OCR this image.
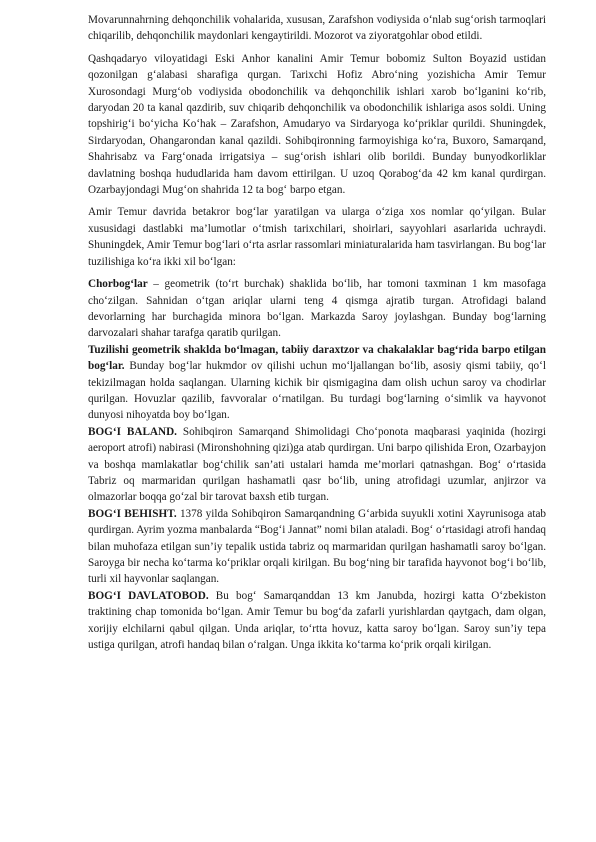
Movarunnahrning dehqonchilik vohalarida, xususan, Zarafshon vodiysida o‘nlab sug‘orish tarmoqlari chiqarilib, dehqonchilik maydonlari kengaytirildi. Mozorot va ziyoratgohlar obod etildi.

Qashqadaryo viloyatidagi Eski Anhor kanalini Amir Temur bobomiz Sulton Boyazid ustidan qozonilgan g‘alabasi sharafiga qurgan. Tarixchi Hofiz Abro‘ning yozishicha Amir Temur Xurosondagi Murg‘ob vodiysida obodonchilik va dehqonchilik ishlari xarob bo‘lganini ko‘rib, daryodan 20 ta kanal qazdirib, suv chiqarib dehqonchilik va obodonchilik ishlariga asos soldi. Uning topshirig‘i bo‘yicha Ko‘hak – Zarafshon, Amudaryo va Sirdaryoga ko‘priklar qurildi. Shuningdek, Sirdaryodan, Ohangarondan kanal qazildi. Sohibqironning farmoyishiga ko‘ra, Buxoro, Samarqand, Shahrisabz va Farg‘onada irrigatsiya – sug‘orish ishlari olib borildi. Bunday bunyodkorliklar davlatning boshqa hududlarida ham davom ettirilgan. U uzoq Qorabog‘da 42 km kanal qurdirgan. Ozarbayjondagi Mug‘on shahrida 12 ta bog‘ barpo etgan.

Amir Temur davrida betakror bog‘lar yaratilgan va ularga o‘ziga xos nomlar qo‘yilgan. Bular xususidagi dastlabki ma’lumotlar o‘tmish tarixchilari, shoirlari, sayyohlari asarlarida uchraydi. Shuningdek, Amir Temur bog‘lari o‘rta asrlar rassomlari miniaturalarida ham tasvirlangan. Bu bog‘lar tuzilishiga ko‘ra ikki xil bo‘lgan:

Chorbog‘lar – geometrik (to‘rt burchak) shaklida bo‘lib, har tomoni taxminan 1 km masofaga cho‘zilgan. Sahnidan o‘tgan ariqlar ularni teng 4 qismga ajratib turgan. Atrofidagi baland devorlarning har burchagida minora bo‘lgan. Markazda Saroy joylashgan. Bunday bog‘larning darvozalari shahar tarafga qaratib qurilgan.

Tuzilishi geometrik shaklda bo‘lmagan, tabiiy daraxtzor va chakalaklar bag‘rida barpo etilgan bog‘lar. Bunday bog‘lar hukmdor ov qilishi uchun mo‘ljallangan bo‘lib, asosiy qismi tabiiy, qo‘l tekizilmagan holda saqlangan. Ularning kichik bir qismigagina dam olish uchun saroy va chodirlar qurilgan. Hovuzlar qazilib, favvoralar o‘rnatilgan. Bu turdagi bog‘larning o‘simlik va hayvonot dunyosi nihoyatda boy bo‘lgan.

BOG‘I BALAND. Sohibqiron Samarqand Shimolidagi Cho‘ponota maqbarasi yaqinida (hozirgi aeroport atrofi) nabirasi (Mironshohning qizi)ga atab qurdirgan. Uni barpo qilishida Eron, Ozarbayjon va boshqa mamlakatlar bog‘chilik san’ati ustalari hamda me’morlari qatnashgan. Bog‘ o‘rtasida Tabriz oq marmaridan qurilgan hashamatli qasr bo‘lib, uning atrofidagi uzumlar, anjirzor va olmazorlar boqqa go‘zal bir tarovat baxsh etib turgan.

BOG‘I BEHISHT. 1378 yilda Sohibqiron Samarqandning G‘arbida suyukli xotini Xayrunisoga atab qurdirgan. Ayrim yozma manbalarda “Bog‘i Jannat” nomi bilan ataladi. Bog‘ o‘rtasidagi atrofi handaq bilan muhofaza etilgan sun’iy tepalik ustida tabriz oq marmaridan qurilgan hashamatli saroy bo‘lgan. Saroyga bir necha ko‘tarma ko‘priklar orqali kirilgan. Bu bog‘ning bir tarafida hayvonot bog‘i bo‘lib, turli xil hayvonlar saqlangan.

BOG‘I DAVLATOBOD. Bu bog‘ Samarqanddan 13 km Janubda, hozirgi katta O‘zbekiston traktining chap tomonida bo‘lgan. Amir Temur bu bog‘da zafarli yurishlardan qaytgach, dam olgan, xorijiy elchilarni qabul qilgan. Unda ariqlar, to‘rtta hovuz, katta saroy bo‘lgan. Saroy sun’iy tepa ustiga qurilgan, atrofi handaq bilan o‘ralgan. Unga ikkita ko‘tarma ko‘prik orqali kirilgan.
